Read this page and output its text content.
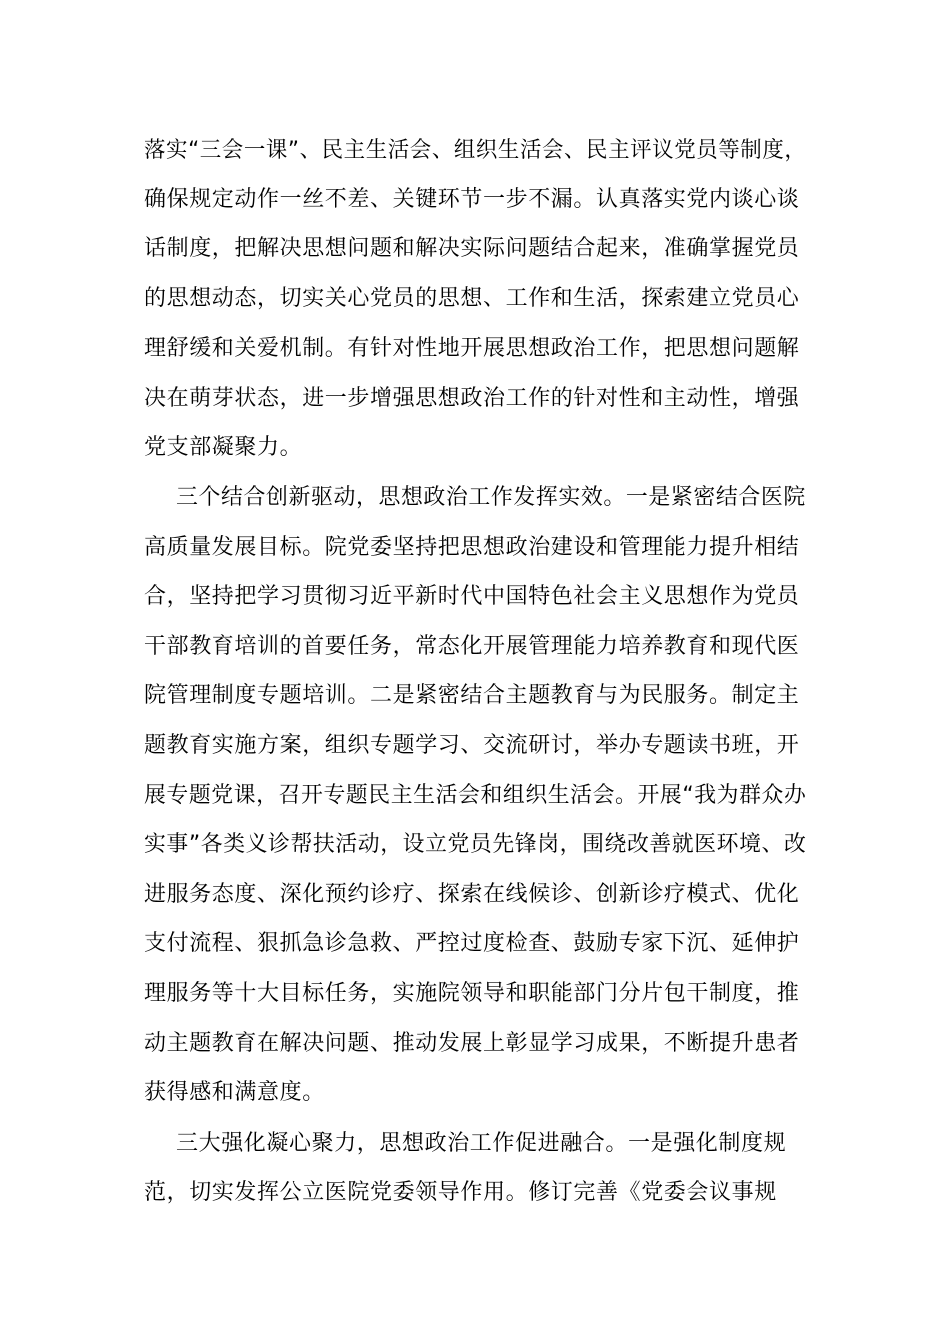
落实“三会一课”、民主生活会、组织生活会、民主评议党员等制度，
确保规定动作一丝不差、关键环节一步不漏。认真落实党内谈心谈
话制度，把解决思想问题和解决实际问题结合起来，准确掌握党员
的思想动态，切实关心党员的思想、工作和生活，探索建立党员心
理舒缓和关爱机制。有针对性地开展思想政治工作，把思想问题解
决在萌芽状态，进一步增强思想政治工作的针对性和主动性，增强
党支部凝聚力。
三个结合创新驱动，思想政治工作发挥实效。一是紧密结合医院
高质量发展目标。院党委坚持把思想政治建设和管理能力提升相结
合，坚持把学习贯彻习近平新时代中国特色社会主义思想作为党员
干部教育培训的首要任务，常态化开展管理能力培养教育和现代医
院管理制度专题培训。二是紧密结合主题教育与为民服务。制定主
题教育实施方案，组织专题学习、交流研讨，举办专题读书班，开
展专题党课，召开专题民主生活会和组织生活会。开展“我为群众办
实事”各类义诊帮扶活动，设立党员先锋岗，围绕改善就医环境、改
进服务态度、深化预约诊疗、探索在线候诊、创新诊疗模式、优化
支付流程、狠抓急诊急救、严控过度检查、鼓励专家下沉、延伸护
理服务等十大目标任务，实施院领导和职能部门分片包干制度，推
动主题教育在解决问题、推动发展上彰显学习成果，不断提升患者
获得感和满意度。
三大强化凝心聚力，思想政治工作促进融合。一是强化制度规
范，切实发挥公立医院党委领导作用。修订完善《党委会议事规
